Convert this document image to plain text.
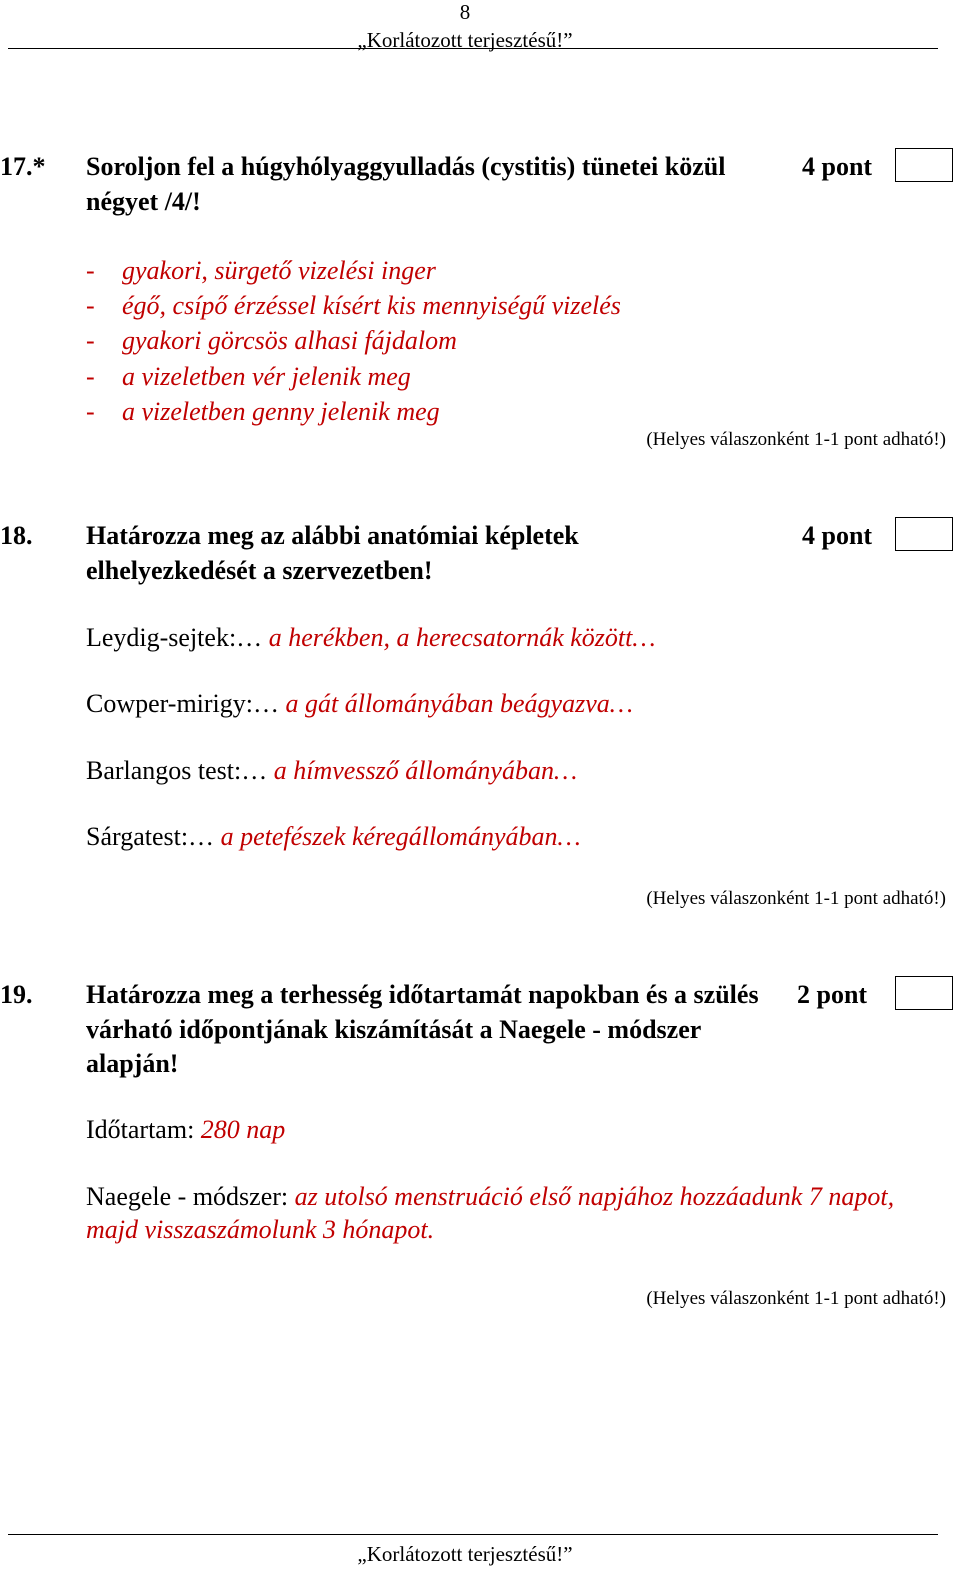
8
„Korlátozott terjesztésű!”
17.* Soroljon fel a húgyhólyaggyulladás (cystitis) tünetei közül négyet /4/!
4 pont
- gyakori, sürgető vizelési inger
- égő, csípő érzéssel kísért kis mennyiségű vizelés
- gyakori görcsös alhasi fájdalom
- a vizeletben vér jelenik meg
- a vizeletben genny jelenik meg
(Helyes válaszonként 1-1 pont adható!)
18. Határozza meg az alábbi anatómiai képletek elhelyezkedését a szervezetben!
4 pont
Leydig-sejtek:… a herékben, a herecsatornák között…
Cowper-mirigy:… a gát állományában beágyazva…
Barlangos test:… a hímvessző állományában…
Sárgatest:… a petefészek kéregállományában…
(Helyes válaszonként 1-1 pont adható!)
19. Határozza meg a terhesség időtartamát napokban és a szülés várható időpontjának kiszámítását a Naegele - módszer alapján!
2 pont
Időtartam: 280 nap
Naegele - módszer: az utolsó menstruáció első napjához hozzáadunk 7 napot, majd visszaszámolunk 3 hónapot.
(Helyes válaszonként 1-1 pont adható!)
„Korlátozott terjesztésű!”
